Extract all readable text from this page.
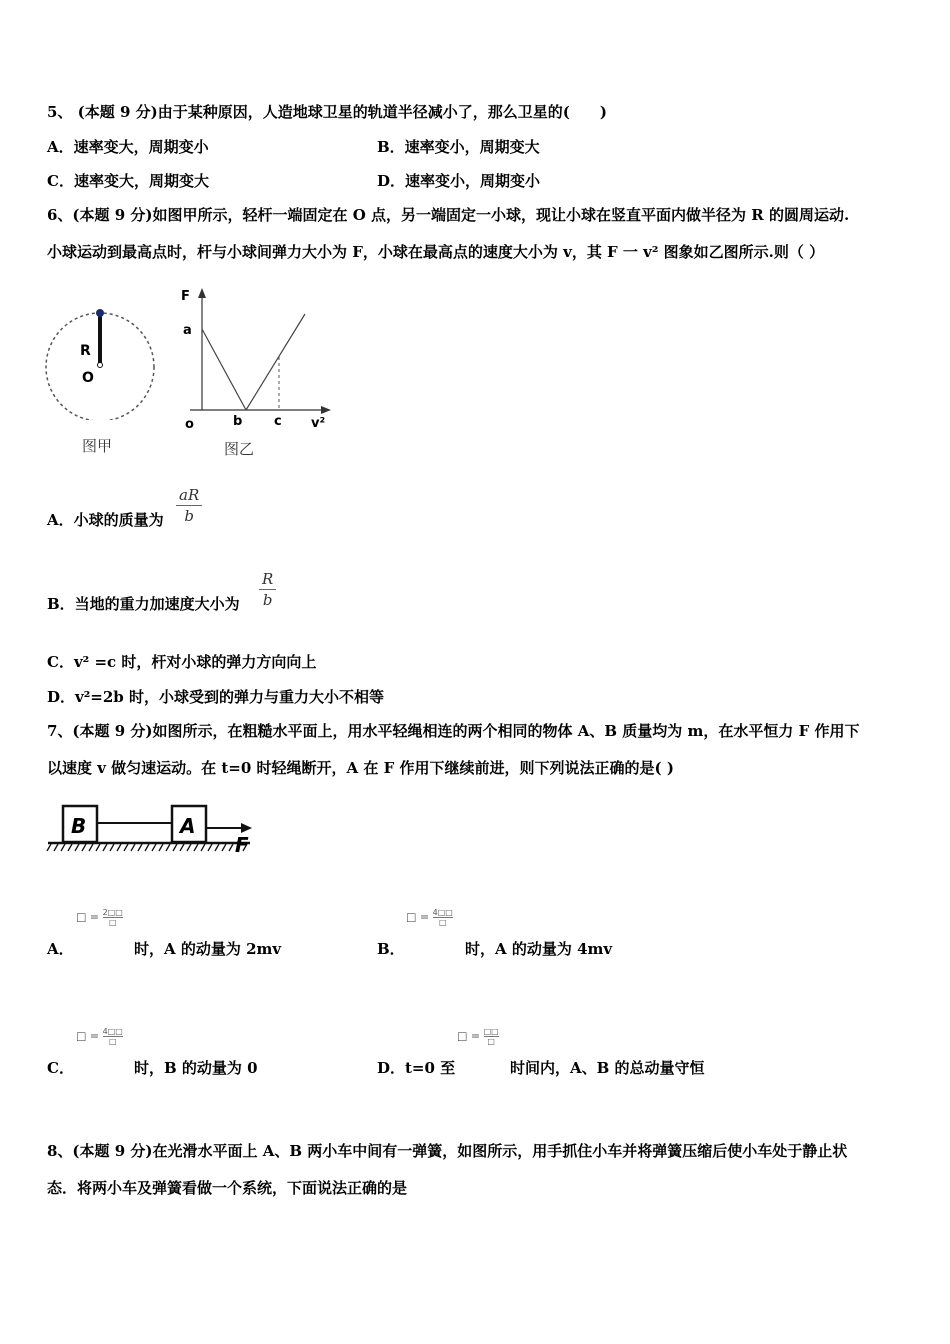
5、 (本题 9 分)由于某种原因，人造地球卫星的轨道半径减小了，那么卫星的(　　)
A．速率变大，周期变小	B．速率变小，周期变大
C．速率变大，周期变大	D．速率变小，周期变小
6、(本题 9 分)如图甲所示，轻杆一端固定在 O 点，另一端固定一小球，现让小球在竖直平面内做半径为 R 的圆周运动.
小球运动到最高点时，杆与小球间弹力大小为 F，小球在最高点的速度大小为 v，其 F 一 v² 图象如乙图所示.则（ ）
R
O
图甲
F
a
o	b c v²
图乙
A．小球的质量为
aR
b
B．当地的重力加速度大小为
R
b
C．v² =c 时，杆对小球的弹力方向向上
D．v²=2b 时，小球受到的弹力与重力大小不相等
7、(本题 9 分)如图所示，在粗糙水平面上，用水平轻绳相连的两个相同的物体 A、B 质量均为 m，在水平恒力 F 作用下
以速度 v 做匀速运动。在 t=0 时轻绳断开，A 在 F 作用下继续前进，则下列说法正确的是( )
B	A
F
A．
□ = 2□□
□
时，A 的动量为 2mv	B．
□ = 4□□
□
时，A 的动量为 4mv
C．
□ = 4□□
□
时，B 的动量为 0	D．t=0 至
□ = □□
□
时间内，A、B 的总动量守恒
8、(本题 9 分)在光滑水平面上 A、B 两小车中间有一弹簧，如图所示，用手抓住小车并将弹簧压缩后使小车处于静止状
态．将两小车及弹簧看做一个系统，下面说法正确的是
